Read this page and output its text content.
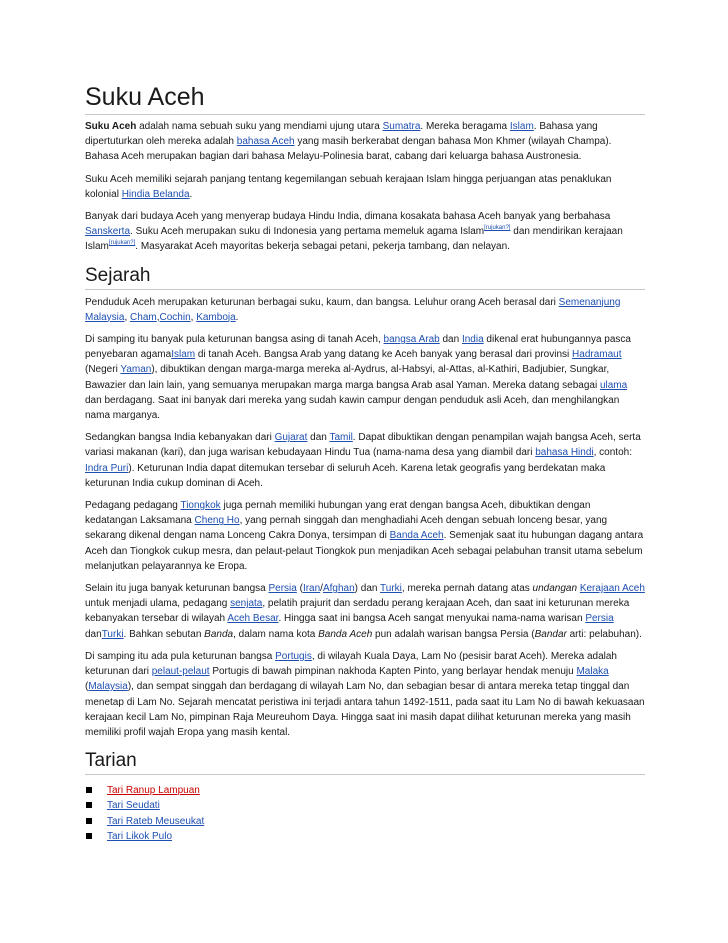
Suku Aceh

Suku Aceh adalah nama sebuah suku yang mendiami ujung utara Sumatra. Mereka beragama Islam. Bahasa yang dipertuturkan oleh mereka adalah bahasa Aceh yang masih berkerabat dengan bahasa Mon Khmer (wilayah Champa). Bahasa Aceh merupakan bagian dari bahasa Melayu-Polinesia barat, cabang dari keluarga bahasa Austronesia.

Suku Aceh memiliki sejarah panjang tentang kegemilangan sebuah kerajaan Islam hingga perjuangan atas penaklukan kolonial Hindia Belanda.

Banyak dari budaya Aceh yang menyerap budaya Hindu India, dimana kosakata bahasa Aceh banyak yang berbahasa Sanskerta. Suku Aceh merupakan suku di Indonesia yang pertama memeluk agama Islam[rujukan?] dan mendirikan kerajaan Islam[rujukan?]. Masyarakat Aceh mayoritas bekerja sebagai petani, pekerja tambang, dan nelayan.

Sejarah

Penduduk Aceh merupakan keturunan berbagai suku, kaum, dan bangsa. Leluhur orang Aceh berasal dari Semenanjung Malaysia, Cham,Cochin, Kamboja.

Di samping itu banyak pula keturunan bangsa asing di tanah Aceh, bangsa Arab dan India dikenal erat hubungannya pasca penyebaran agamaIslam di tanah Aceh. Bangsa Arab yang datang ke Aceh banyak yang berasal dari provinsi Hadramaut (Negeri Yaman), dibuktikan dengan marga-marga mereka al-Aydrus, al-Habsyi, al-Attas, al-Kathiri, Badjubier, Sungkar, Bawazier dan lain lain, yang semuanya merupakan marga marga bangsa Arab asal Yaman. Mereka datang sebagai ulama dan berdagang. Saat ini banyak dari mereka yang sudah kawin campur dengan penduduk asli Aceh, dan menghilangkan nama marganya.

Sedangkan bangsa India kebanyakan dari Gujarat dan Tamil. Dapat dibuktikan dengan penampilan wajah bangsa Aceh, serta variasi makanan (kari), dan juga warisan kebudayaan Hindu Tua (nama-nama desa yang diambil dari bahasa Hindi, contoh: Indra Puri). Keturunan India dapat ditemukan tersebar di seluruh Aceh. Karena letak geografis yang berdekatan maka keturunan India cukup dominan di Aceh.

Pedagang pedagang Tiongkok juga pernah memiliki hubungan yang erat dengan bangsa Aceh, dibuktikan dengan kedatangan Laksamana Cheng Ho, yang pernah singgah dan menghadiahi Aceh dengan sebuah lonceng besar, yang sekarang dikenal dengan nama Lonceng Cakra Donya, tersimpan di Banda Aceh. Semenjak saat itu hubungan dagang antara Aceh dan Tiongkok cukup mesra, dan pelaut-pelaut Tiongkok pun menjadikan Aceh sebagai pelabuhan transit utama sebelum melanjutkan pelayarannya ke Eropa.

Selain itu juga banyak keturunan bangsa Persia (Iran/Afghan) dan Turki, mereka pernah datang atas undangan Kerajaan Aceh untuk menjadi ulama, pedagang senjata, pelatih prajurit dan serdadu perang kerajaan Aceh, dan saat ini keturunan mereka kebanyakan tersebar di wilayah Aceh Besar. Hingga saat ini bangsa Aceh sangat menyukai nama-nama warisan Persia danTurki. Bahkan sebutan Banda, dalam nama kota Banda Aceh pun adalah warisan bangsa Persia (Bandar arti: pelabuhan).

Di samping itu ada pula keturunan bangsa Portugis, di wilayah Kuala Daya, Lam No (pesisir barat Aceh). Mereka adalah keturunan dari pelaut-pelaut Portugis di bawah pimpinan nakhoda Kapten Pinto, yang berlayar hendak menuju Malaka (Malaysia), dan sempat singgah dan berdagang di wilayah Lam No, dan sebagian besar di antara mereka tetap tinggal dan menetap di Lam No. Sejarah mencatat peristiwa ini terjadi antara tahun 1492-1511, pada saat itu Lam No di bawah kekuasaan kerajaan kecil Lam No, pimpinan Raja Meureuhom Daya. Hingga saat ini masih dapat dilihat keturunan mereka yang masih memiliki profil wajah Eropa yang masih kental.

Tarian
Tari Ranup Lampuan
Tari Seudati
Tari Rateb Meuseukat
Tari Likok Pulo
